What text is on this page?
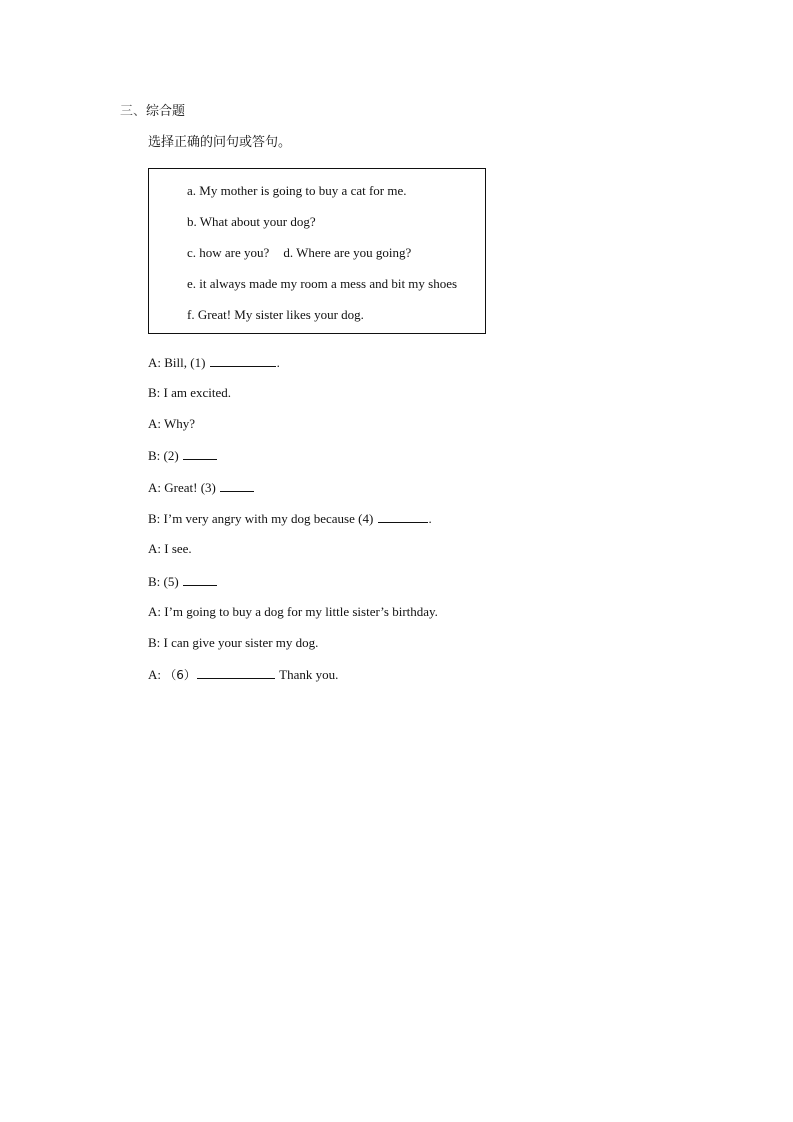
三、综合题
选择正确的问句或答句。
a. My mother is going to buy a cat for me.
b. What about your dog?
c. how are you? d. Where are you going?
e. it always made my room a mess and bit my shoes
f. Great! My sister likes your dog.
A: Bill, (1)	.
B: I am excited.
A: Why?
B: (2)
A: Great! (3)
B: I’m very angry with my dog because (4)	.
A: I see.
B: (5)
A: I’m going to buy a dog for my little sister’s birthday.
B: I can give your sister my dog.
A: （6）	Thank you.
